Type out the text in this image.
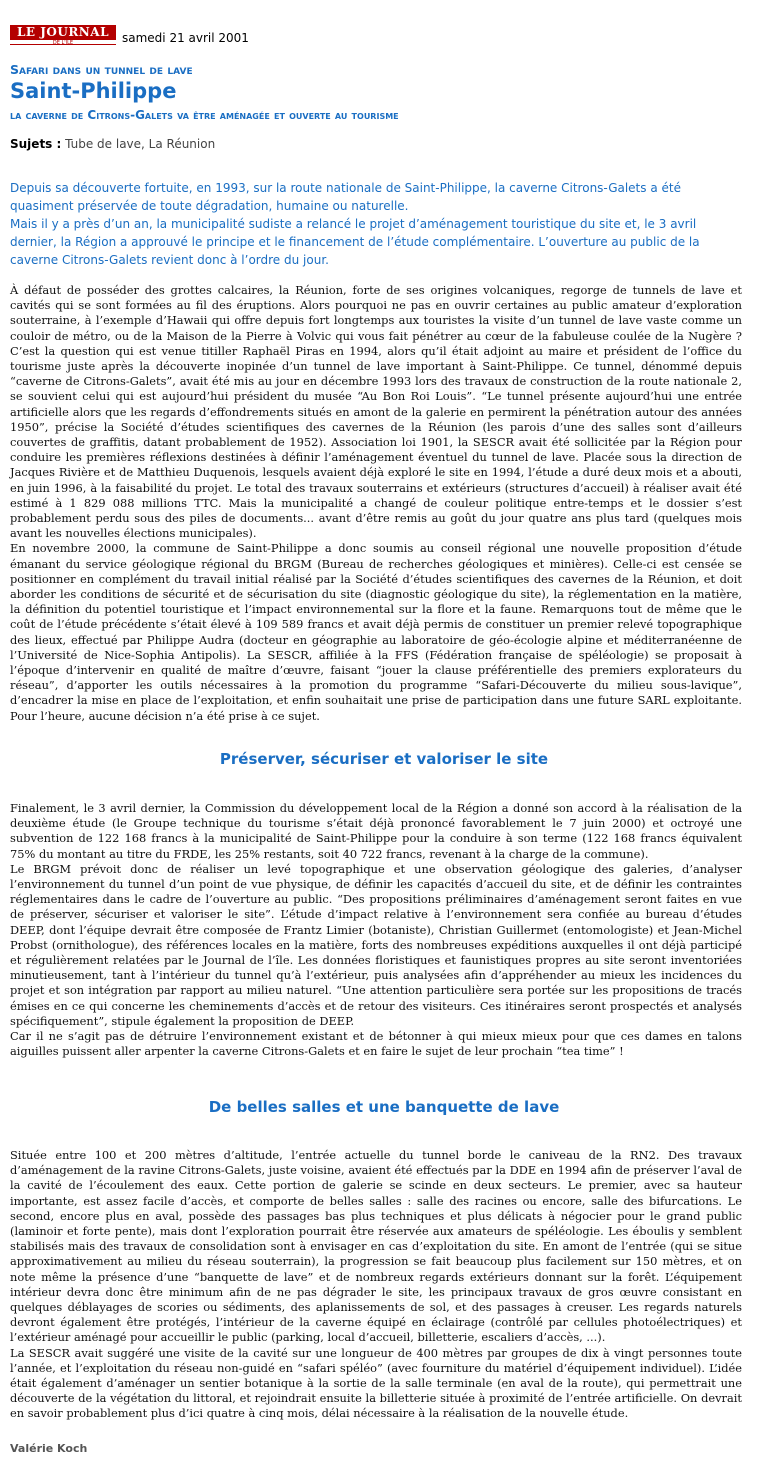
LE JOURNAL
DE L'ILE	samedi 21 avril 2001
Safari dans un tunnel de lave
Saint-Philippe
la caverne de Citrons-Galets va être aménagée et ouverte au tourisme
Sujets : Tube de lave, La Réunion

Depuis sa découverte fortuite, en 1993, sur la route nationale de Saint-Philippe, la caverne Citrons-Galets a été quasiment préservée de toute dégradation, humaine ou naturelle.

Mais il y a près d’un an, la municipalité sudiste a relancé le projet d’aménagement touristique du site et, le 3 avril dernier, la Région a approuvé le principe et le financement de l’étude complémentaire. L’ouverture au public de la caverne Citrons-Galets revient donc à l’ordre du jour.

À défaut de posséder des grottes calcaires, la Réunion, forte de ses origines volcaniques, regorge de tunnels de lave et cavités qui se sont formées au fil des éruptions. Alors pourquoi ne pas en ouvrir certaines au public amateur d’exploration souterraine, à l’exemple d’Hawaii qui offre depuis fort longtemps aux touristes la visite d’un tunnel de lave vaste comme un couloir de métro, ou de la Maison de la Pierre à Volvic qui vous fait pénétrer au cœur de la fabuleuse coulée de la Nugère ?C’est la question qui est venue titiller Raphaël Piras en 1994, alors qu’il était adjoint au maire et président de l’office du tourisme juste après la découverte inopinée d’un tunnel de lave important à Saint-Philippe. Ce tunnel, dénommé depuis “caverne de Citrons-Galets”, avait été mis au jour en décembre 1993 lors des travaux de construction de la route nationale 2, se souvient celui qui est aujourd’hui président du musée “Au Bon Roi Louis”. “Le tunnel présente aujourd’hui une entrée artificielle alors que les regards d’effondrements situés en amont de la galerie en permirent la pénétration autour des années 1950”, précise la Société d’études scientifiques des cavernes de la Réunion (les parois d’une des salles sont d’ailleurs couvertes de graffitis, datant probablement de 1952). Association loi 1901, la SESCR avait été sollicitée par la Région pour conduire les premières réflexions destinées à définir l’aménagement éventuel du tunnel de lave. Placée sous la direction de Jacques Rivière et de Matthieu Duquenois, lesquels avaient déjà exploré le site en 1994, l’étude a duré deux mois et a abouti, en juin 1996, à la faisabilité du projet. Le total des travaux souterrains et extérieurs (structures d’accueil) à réaliser avait été estimé à 1 829 088 millions TTC. Mais la municipalité a changé de couleur politique entre-temps et le dossier s’est probablement perdu sous des piles de documents... avant d’être remis au goût du jour quatre ans plus tard (quelques mois avant les nouvelles élections municipales).

En novembre 2000, la commune de Saint-Philippe a donc soumis au conseil régional une nouvelle proposition d’étude émanant du service géologique régional du BRGM (Bureau de recherches géologiques et minières). Celle-ci est censée se positionner en complément du travail initial réalisé par la Société d’études scientifiques des cavernes de la Réunion, et doit aborder les conditions de sécurité et de sécurisation du site (diagnostic géologique du site), la réglementation en la matière, la définition du potentiel touristique et l’impact environnemental sur la flore et la faune. Remarquons tout de même que le coût de l’étude précédente s’était élevé à 109 589 francs et avait déjà permis de constituer un premier relevé topographique des lieux, effectué par Philippe Audra (docteur en géographie au laboratoire de géo-écologie alpine et méditerranéenne de l’Université de Nice-Sophia Antipolis). La SESCR, affiliée à la FFS (Fédération française de spéléologie) se proposait à l’époque d’intervenir en qualité de maître d’œuvre, faisant “jouer la clause préférentielle des premiers explorateurs du réseau”, d’apporter les outils nécessaires à la promotion du programme “Safari-Découverte du milieu sous-lavique”, d’encadrer la mise en place de l’exploitation, et enfin souhaitait une prise de participation dans une future SARL exploitante. Pour l’heure, aucune décision n’a été prise à ce sujet.

Préserver, sécuriser et valoriser le site

Finalement, le 3 avril dernier, la Commission du développement local de la Région a donné son accord à la réalisation de la deuxième étude (le Groupe technique du tourisme s’était déjà prononcé favorablement le 7 juin 2000) et octroyé une subvention de 122 168 francs à la municipalité de Saint-Philippe pour la conduire à son terme (122 168 francs équivalent 75% du montant au titre du FRDE, les 25% restants, soit 40 722 francs, revenant à la charge de la commune).

Le BRGM prévoit donc de réaliser un levé topographique et une observation géologique des galeries, d’analyser l’environnement du tunnel d’un point de vue physique, de définir les capacités d’accueil du site, et de définir les contraintes réglementaires dans le cadre de l’ouverture au public. “Des propositions préliminaires d’aménagement seront faites en vue de préserver, sécuriser et valoriser le site”. L’étude d’impact relative à l’environnement sera confiée au bureau d’études DEEP, dont l’équipe devrait être composée de Frantz Limier (botaniste), Christian Guillermet (entomologiste) et Jean-Michel Probst (ornithologue), des références locales en la matière, forts des nombreuses expéditions auxquelles il ont déjà participé et régulièrement relatées par le Journal de l’île. Les données floristiques et faunistiques propres au site seront inventoriées minutieusement, tant à l’intérieur du tunnel qu’à l’extérieur, puis analysées afin d’appréhender au mieux les incidences du projet et son intégration par rapport au milieu naturel. “Une attention particulière sera portée sur les propositions de tracés émises en ce qui concerne les cheminements d’accès et de retour des visiteurs. Ces itinéraires seront prospectés et analysés spécifiquement”, stipule également la proposition de DEEP.

Car il ne s’agit pas de détruire l’environnement existant et de bétonner à qui mieux mieux pour que ces dames en talons aiguilles puissent aller arpenter la caverne Citrons-Galets et en faire le sujet de leur prochain “tea time” !

De belles salles et une banquette de lave

Située entre 100 et 200 mètres d’altitude, l’entrée actuelle du tunnel borde le caniveau de la RN2. Des travaux d’aménagement de la ravine Citrons-Galets, juste voisine, avaient été effectués par la DDE en 1994 afin de préserver l’aval de la cavité de l’écoulement des eaux. Cette portion de galerie se scinde en deux secteurs. Le premier, avec sa hauteur importante, est assez facile d’accès, et comporte de belles salles : salle des racines ou encore, salle des bifurcations. Le second, encore plus en aval, possède des passages bas plus techniques et plus délicats à négocier pour le grand public (laminoir et forte pente), mais dont l’exploration pourrait être réservée aux amateurs de spéléologie. Les éboulis y semblent stabilisés mais des travaux de consolidation sont à envisager en cas d’exploitation du site. En amont de l’entrée (qui se situe approximativement au milieu du réseau souterrain), la progression se fait beaucoup plus facilement sur 150 mètres, et on note même la présence d’une “banquette de lave” et de nombreux regards extérieurs donnant sur la forêt. L’équipement intérieur devra donc être minimum afin de ne pas dégrader le site, les principaux travaux de gros œuvre consistant en quelques déblayages de scories ou sédiments, des aplanissements de sol, et des passages à creuser. Les regards naturels devront également être protégés, l’intérieur de la caverne équipé en éclairage (contrôlé par cellules photoélectriques) et l’extérieur aménagé pour accueillir le public (parking, local d’accueil, billetterie, escaliers d’accès, ...).

La SESCR avait suggéré une visite de la cavité sur une longueur de 400 mètres par groupes de dix à vingt personnes toute l’année, et l’exploitation du réseau non-guidé en “safari spéléo” (avec fourniture du matériel d’équipement individuel). L’idée était également d’aménager un sentier botanique à la sortie de la salle terminale (en aval de la route), qui permettrait une découverte de la végétation du littoral, et rejoindrait ensuite la billetterie située à proximité de l’entrée artificielle. On devrait en savoir probablement plus d’ici quatre à cinq mois, délai nécessaire à la réalisation de la nouvelle étude.

Valérie Koch
